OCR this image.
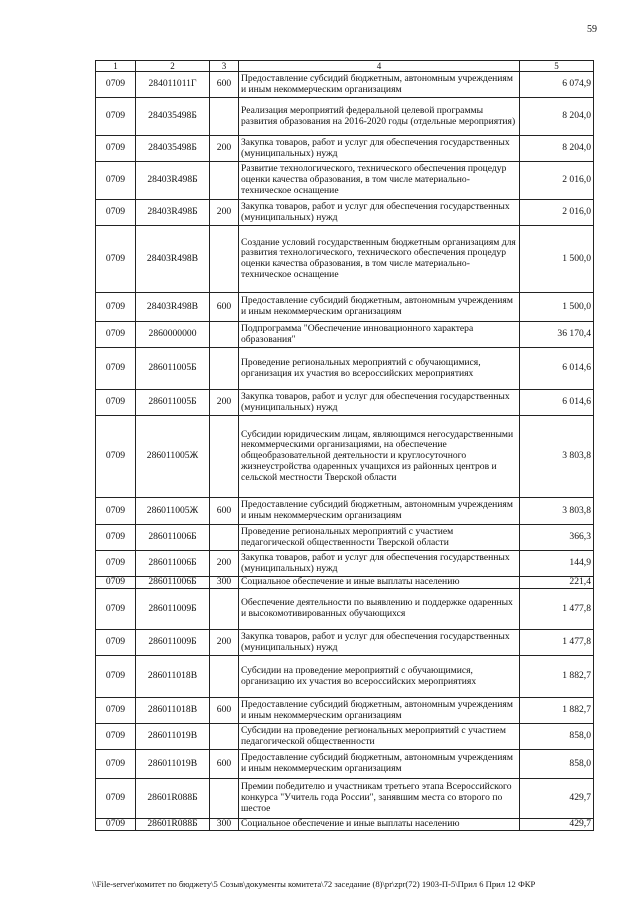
59
1	2	3	4	5
0709	284011011Г	600	Предоставление субсидий бюджетным, автономным учреждениям и иным некоммерческим организациям	6 074,9
0709	284035498Б		Реализация мероприятий федеральной целевой программы развития образования на 2016-2020 годы (отдельные мероприятия)	8 204,0
0709	284035498Б	200	Закупка товаров, работ и услуг для обеспечения государственных (муниципальных) нужд	8 204,0
0709	28403R498Б		Развитие технологического, технического обеспечения процедур оценки качества образования, в том числе материально-техническое оснащение	2 016,0
0709	28403R498Б	200	Закупка товаров, работ и услуг для обеспечения государственных (муниципальных) нужд	2 016,0
0709	28403R498В		Создание условий государственным бюджетным организациям для развития технологического, технического обеспечения процедур оценки качества образования, в том числе материально-техническое оснащение	1 500,0
0709	28403R498В	600	Предоставление субсидий бюджетным, автономным учреждениям и иным некоммерческим организациям	1 500,0
0709	2860000000		Подпрограмма "Обеспечение инновационного характера образования"	36 170,4
0709	286011005Б		Проведение региональных мероприятий с обучающимися, организация их участия во всероссийских мероприятиях	6 014,6
0709	286011005Б	200	Закупка товаров, работ и услуг для обеспечения государственных (муниципальных) нужд	6 014,6
0709	286011005Ж		Субсидии юридическим лицам, являющимся негосударственными некоммерческими организациями, на обеспечение общеобразовательной деятельности и круглосуточного жизнеустройства одаренных учащихся из районных центров и сельской местности Тверской области	3 803,8
0709	286011005Ж	600	Предоставление субсидий бюджетным, автономным учреждениям и иным некоммерческим организациям	3 803,8
0709	286011006Б		Проведение региональных мероприятий с участием педагогической общественности Тверской области	366,3
0709	286011006Б	200	Закупка товаров, работ и услуг для обеспечения государственных (муниципальных) нужд	144,9
0709	286011006Б	300	Социальное обеспечение и иные выплаты населению	221,4
0709	286011009Б		Обеспечение деятельности по выявлению и поддержке одаренных и высокомотивированных обучающихся	1 477,8
0709	286011009Б	200	Закупка товаров, работ и услуг для обеспечения государственных (муниципальных) нужд	1 477,8
0709	286011018В		Субсидии на проведение мероприятий с обучающимися, организацию их участия во всероссийских мероприятиях	1 882,7
0709	286011018В	600	Предоставление субсидий бюджетным, автономным учреждениям и иным некоммерческим организациям	1 882,7
0709	286011019В		Субсидии на проведение региональных мероприятий с участием педагогической общественности	858,0
0709	286011019В	600	Предоставление субсидий бюджетным, автономным учреждениям и иным некоммерческим организациям	858,0
0709	28601R088Б		Премии победителю и участникам третьего этапа Всероссийского конкурса "Учитель года России", занявшим места со второго по шестое	429,7
0709	28601R088Б	300	Социальное обеспечение и иные выплаты населению	429,7
\\File-server\комитет по бюджету\5 Созыв\документы комитета\72 заседание (8)\pr\zpr(72) 1903-П-5\Прил 6 Прил 12 ФКР
